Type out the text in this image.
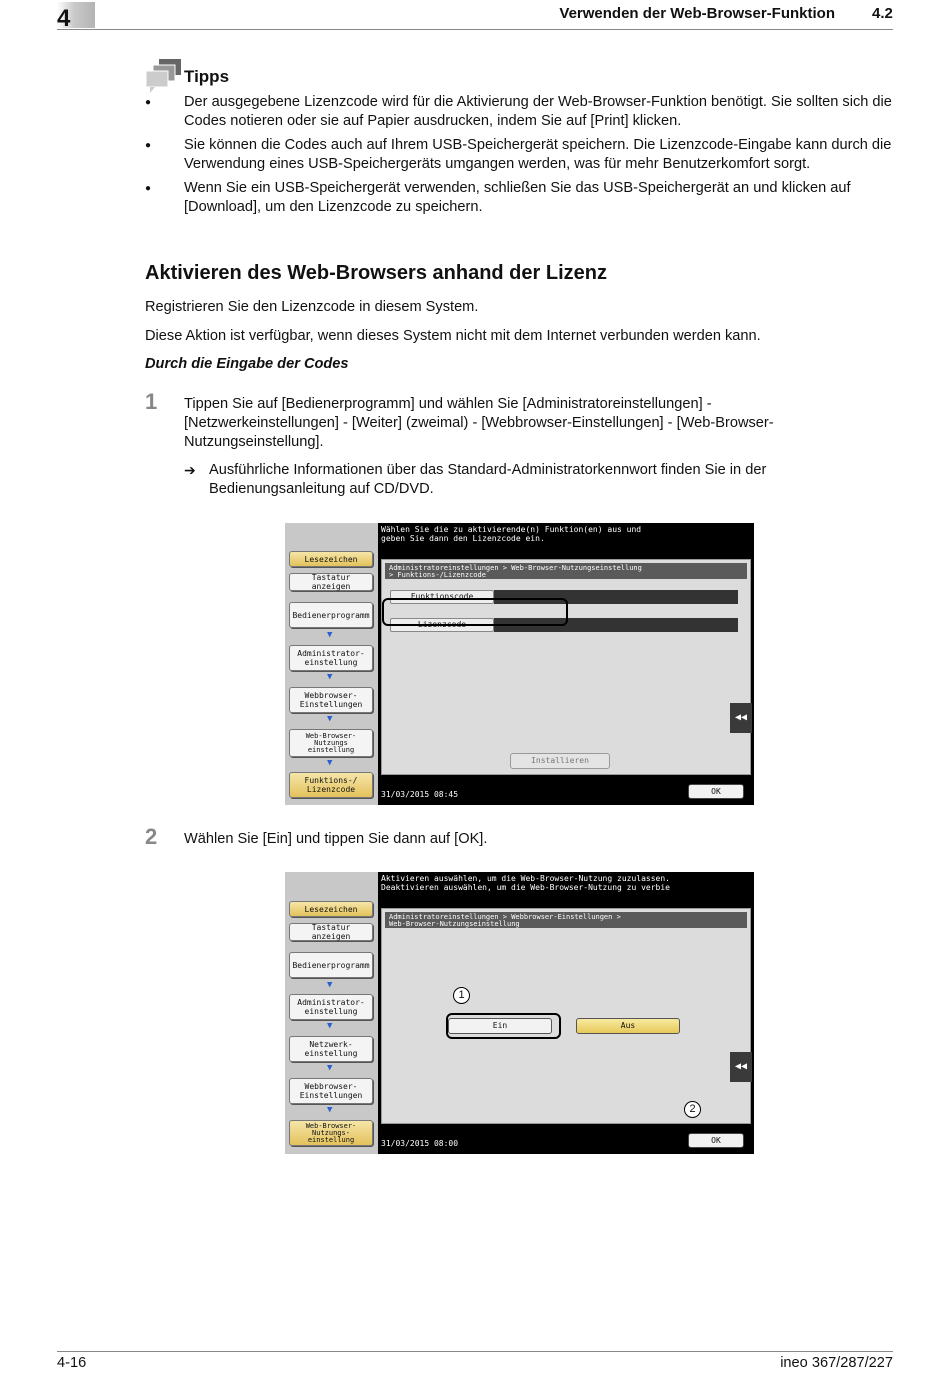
4	Verwenden der Web-Browser-Funktion 4.2
Tipps
● Der ausgegebene Lizenzcode wird für die Aktivierung der Web-Browser-Funktion benötigt. Sie sollten sich die Codes notieren oder sie auf Papier ausdrucken, indem Sie auf [Print] klicken.
● Sie können die Codes auch auf Ihrem USB-Speichergerät speichern. Die Lizenzcode-Eingabe kann durch die Verwendung eines USB-Speichergeräts umgangen werden, was für mehr Benutzerkomfort sorgt.
● Wenn Sie ein USB-Speichergerät verwenden, schließen Sie das USB-Speichergerät an und klicken auf [Download], um den Lizenzcode zu speichern.
Aktivieren des Web-Browsers anhand der Lizenz
Registrieren Sie den Lizenzcode in diesem System.
Diese Aktion ist verfügbar, wenn dieses System nicht mit dem Internet verbunden werden kann.
Durch die Eingabe der Codes
1 Tippen Sie auf [Bedienerprogramm] und wählen Sie [Administratoreinstellungen] - [Netzwerkeinstellungen] - [Weiter] (zweimal) - [Webbrowser-Einstellungen] - [Web-Browser-Nutzungseinstellung].
➔ Ausführliche Informationen über das Standard-Administratorkennwort finden Sie in der Bedienungsanleitung auf CD/DVD.
Lesezeichen
Tastatur
anzeigen
Bedienerprogramm
▼
Administrator-
einstellung
▼
Webbrowser-
Einstellungen
▼
Web-Browser-
Nutzungs
einstellung
▼
Funktions-/
Lizenzcode
Wählen Sie die zu aktivierende(n) Funktion(en) aus und
geben Sie dann den Lizenzcode ein.
Administratoreinstellungen > Web-Browser-Nutzungseinstellung
> Funktions-/Lizenzcode
Funktionscode
Lizenzcode
Installieren
◀◀
31/03/2015 08:45	OK
2 Wählen Sie [Ein] und tippen Sie dann auf [OK].
Lesezeichen
Tastatur
anzeigen
Bedienerprogramm
▼
Administrator-
einstellung
▼
Netzwerk-
einstellung
▼
Webbrowser-
Einstellungen
▼
Web-Browser-
Nutzungs-
einstellung
Aktivieren auswählen, um die Web-Browser-Nutzung zuzulassen.
Deaktivieren auswählen, um die Web-Browser-Nutzung zu verbie
Administratoreinstellungen > Webbrowser-Einstellungen >
Web-Browser-Nutzungseinstellung
Ein	Aus
◀◀
31/03/2015 08:00	OK
1
2
4-16	ineo 367/287/227
